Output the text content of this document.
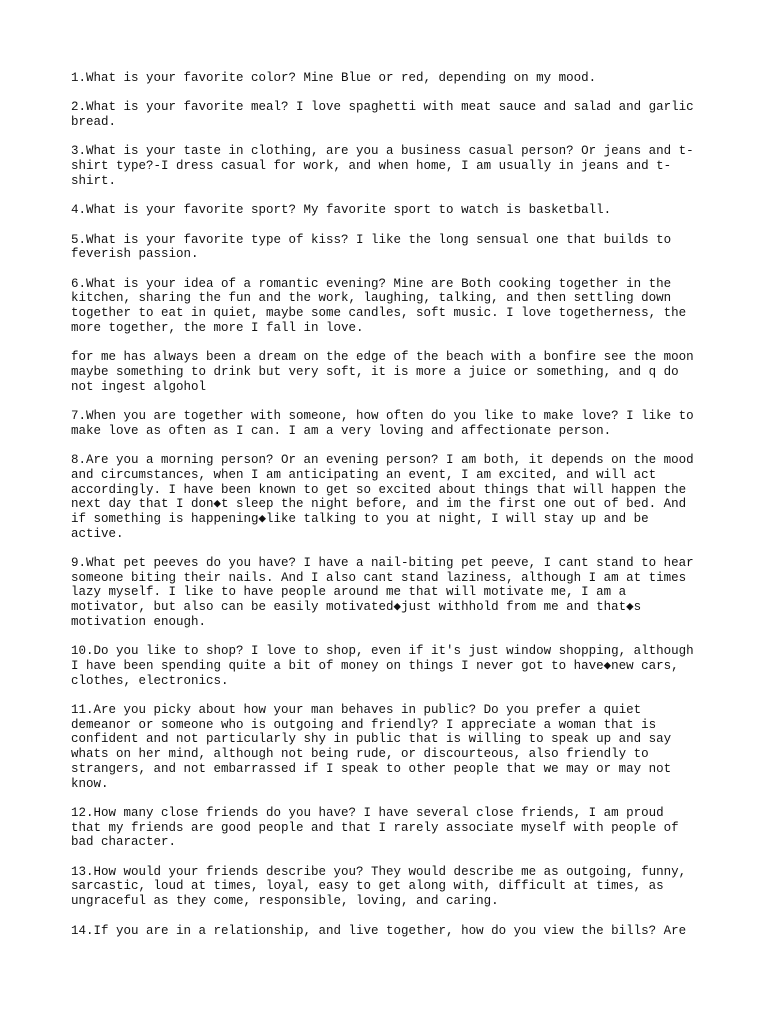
1.What is your favorite color? Mine Blue or red, depending on my mood.

2.What is your favorite meal? I love spaghetti with meat sauce and salad and garlic
bread.

3.What is your taste in clothing, are you a business casual person? Or jeans and t-
shirt type?-I dress casual for work, and when home, I am usually in jeans and t-
shirt.

4.What is your favorite sport? My favorite sport to watch is basketball.

5.What is your favorite type of kiss? I like the long sensual one that builds to
feverish passion.

6.What is your idea of a romantic evening? Mine are Both cooking together in the
kitchen, sharing the fun and the work, laughing, talking, and then settling down
together to eat in quiet, maybe some candles, soft music. I love togetherness, the
more together, the more I fall in love.

for me has always been a dream on the edge of the beach with a bonfire see the moon
maybe something to drink but very soft, it is more a juice or something, and q do
not ingest algohol

7.When you are together with someone, how often do you like to make love? I like to
make love as often as I can. I am a very loving and affectionate person.

8.Are you a morning person? Or an evening person? I am both, it depends on the mood
and circumstances, when I am anticipating an event, I am excited, and will act
accordingly. I have been known to get so excited about things that will happen the
next day that I don◆t sleep the night before, and im the first one out of bed. And
if something is happening◆like talking to you at night, I will stay up and be
active.

9.What pet peeves do you have? I have a nail-biting pet peeve, I cant stand to hear
someone biting their nails. And I also cant stand laziness, although I am at times
lazy myself. I like to have people around me that will motivate me, I am a
motivator, but also can be easily motivated◆just withhold from me and that◆s
motivation enough.

10.Do you like to shop? I love to shop, even if it's just window shopping, although
I have been spending quite a bit of money on things I never got to have◆new cars,
clothes, electronics.

11.Are you picky about how your man behaves in public? Do you prefer a quiet
demeanor or someone who is outgoing and friendly? I appreciate a woman that is
confident and not particularly shy in public that is willing to speak up and say
whats on her mind, although not being rude, or discourteous, also friendly to
strangers, and not embarrassed if I speak to other people that we may or may not
know.

12.How many close friends do you have? I have several close friends, I am proud
that my friends are good people and that I rarely associate myself with people of
bad character.

13.How would your friends describe you? They would describe me as outgoing, funny,
sarcastic, loud at times, loyal, easy to get along with, difficult at times, as
ungraceful as they come, responsible, loving, and caring.

14.If you are in a relationship, and live together, how do you view the bills? Are
